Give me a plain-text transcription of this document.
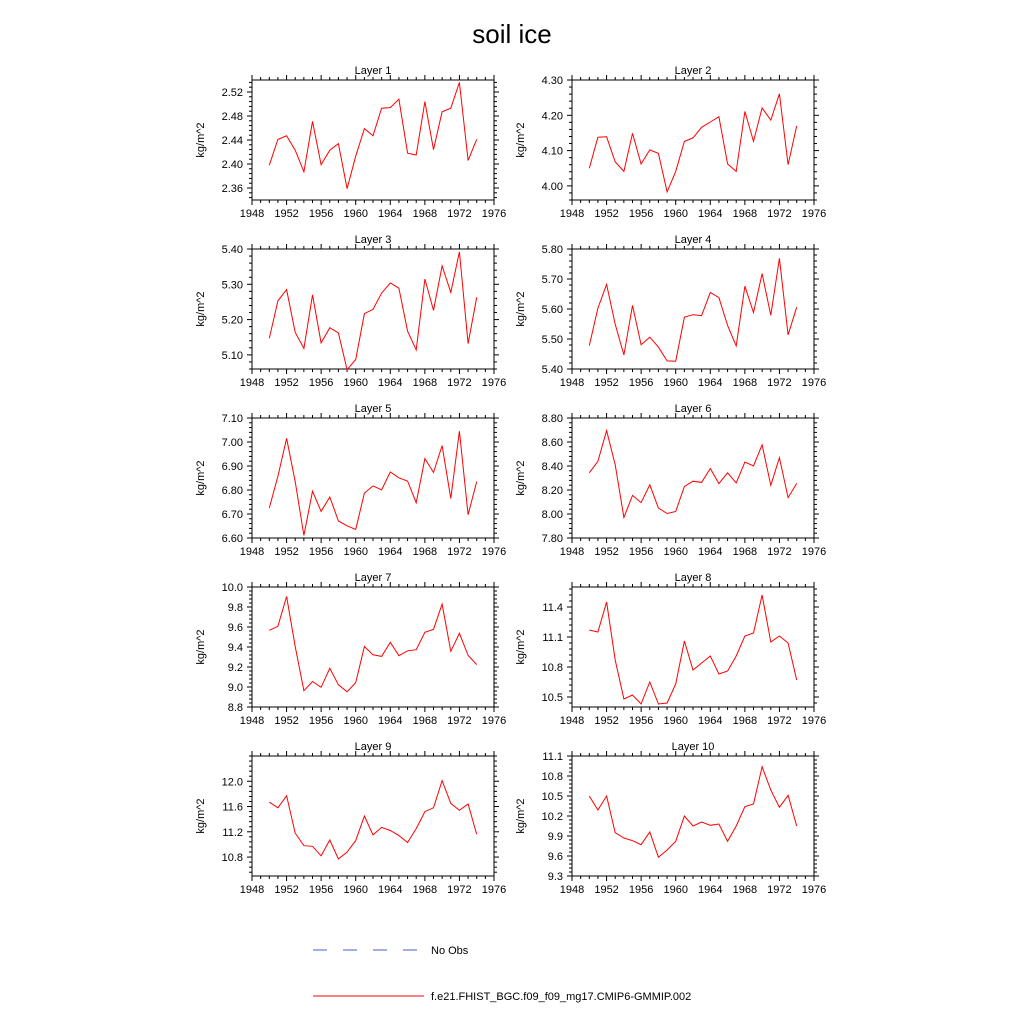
soil ice
Layer 1
1948 1952 1956 1960 1964 1968 1972 1976
2.36
2.40
2.44
2.48
2.52
kg/m^2
Layer 2
1948 1952 1956 1960 1964 1968 1972 1976
4.00
4.10
4.20
4.30
kg/m^2
Layer 3
1948 1952 1956 1960 1964 1968 1972 1976
5.10
5.20
5.30
5.40
kg/m^2
Layer 4
1948 1952 1956 1960 1964 1968 1972 1976
5.40
5.50
5.60
5.70
5.80
kg/m^2
Layer 5
1948 1952 1956 1960 1964 1968 1972 1976
6.60
6.70
6.80
6.90
7.00
7.10
kg/m^2
Layer 6
1948 1952 1956 1960 1964 1968 1972 1976
7.80
8.00
8.20
8.40
8.60
8.80
kg/m^2
Layer 7
1948 1952 1956 1960 1964 1968 1972 1976
8.8
9.0
9.2
9.4
9.6
9.8
10.0
kg/m^2
Layer 8
1948 1952 1956 1960 1964 1968 1972 1976
10.5
10.8
11.1
11.4
kg/m^2
Layer 9
1948 1952 1956 1960 1964 1968 1972 1976
10.8
11.2
11.6
12.0
kg/m^2
Layer 10
1948 1952 1956 1960 1964 1968 1972 1976
9.3
9.6
9.9
10.2
10.5
10.8
11.1
kg/m^2
No Obs
f.e21.FHIST_BGC.f09_f09_mg17.CMIP6-GMMIP.002
